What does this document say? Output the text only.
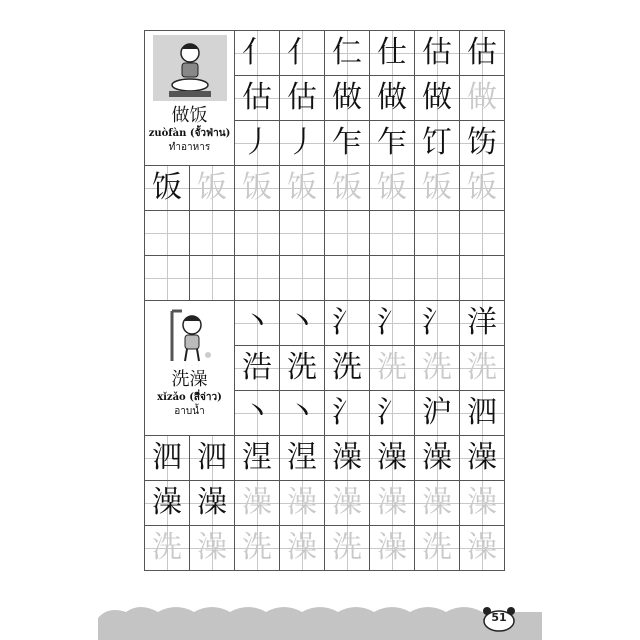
做饭
zuòfàn (จั้วฟ่าน)
ทำอาหาร		亻	亻	仁	仕	估	估

		估	估	做	做	做	做

		丿	丿	乍	乍	饤	饬

饭	饭	饭	饭	饭	饭	饭	饭

洗澡
xǐzǎo (สี่จ่าว)
อาบน้ำ		丶	丶	氵	氵	氵	洋

		浩	洗	洗	洗	洗	洗

		丶	丶	氵	氵	沪	泗

泗	泗	涅	涅	澡	澡	澡	澡

澡	澡	澡	澡	澡	澡	澡	澡

洗	澡	洗	澡	洗	澡	洗	澡
51
